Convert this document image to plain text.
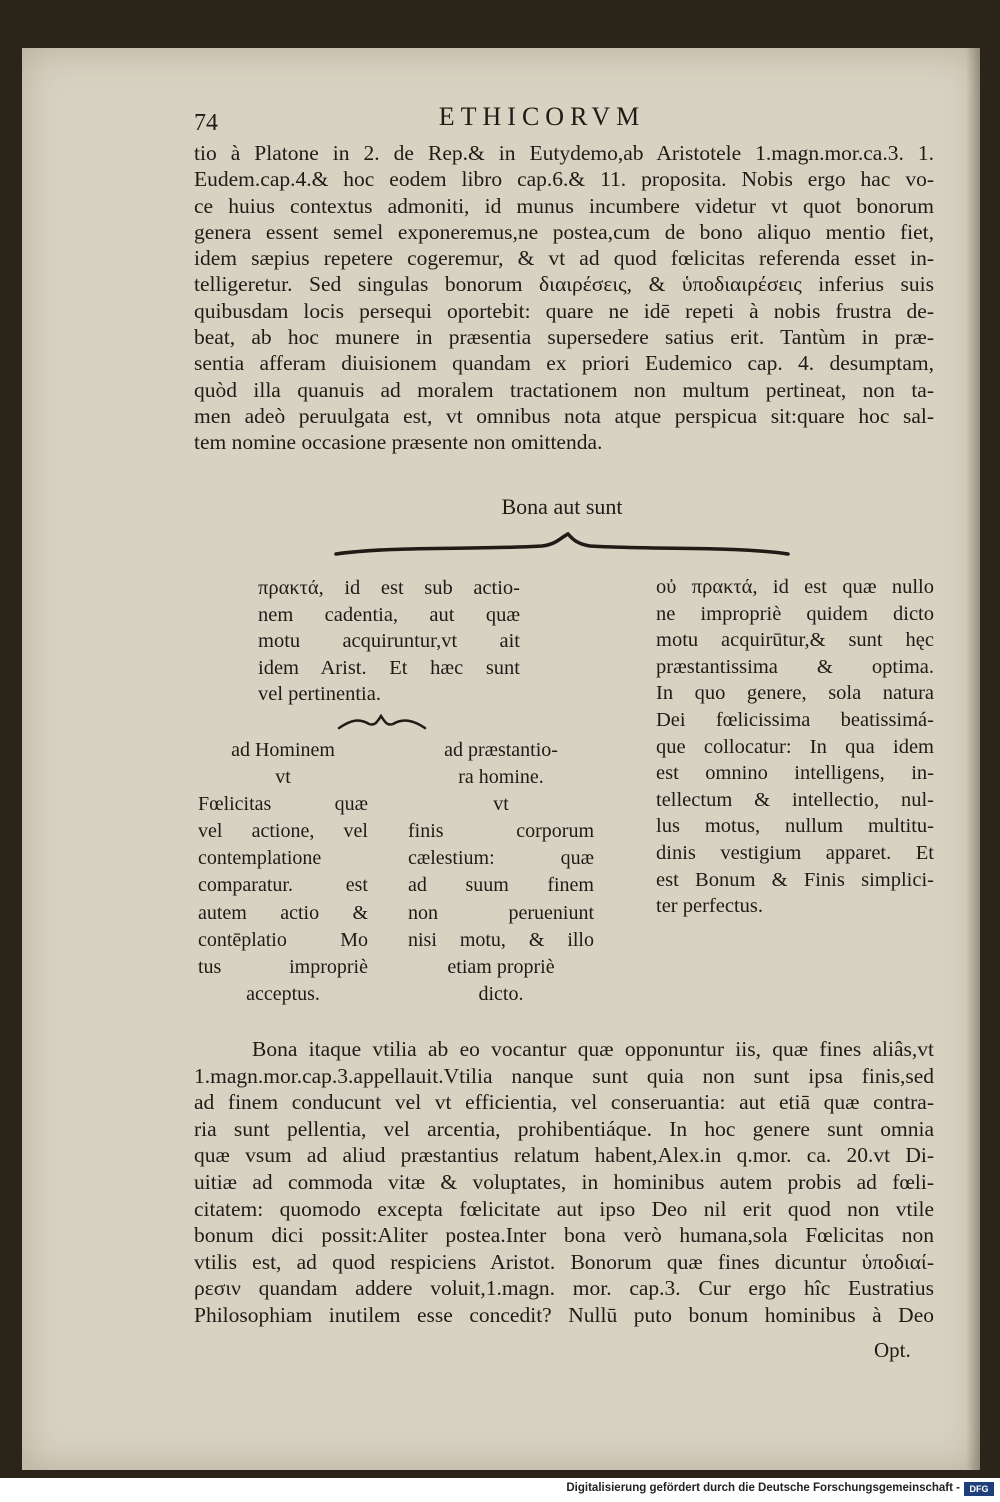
74	ETHICORVM
tio à Platone in 2. de Rep.& in Eutydemo,ab Aristotele 1.magn.mor.ca.3. 1.
Eudem.cap.4.& hoc eodem libro cap.6.& 11. proposita. Nobis ergo hac vo-
ce huius contextus admoniti, id munus incumbere videtur vt quot bonorum
genera essent semel exponeremus,ne postea,cum de bono aliquo mentio fiet,
idem sæpius repetere cogeremur, & vt ad quod fœlicitas referenda esset in-
telligeretur. Sed singulas bonorum διαιρέσεις, & ὑποδιαιρέσεις inferius suis
quibusdam locis persequi oportebit: quare ne idē repeti à nobis frustra de-
beat, ab hoc munere in præsentia supersedere satius erit. Tantùm in præ-
sentia afferam diuisionem quandam ex priori Eudemico cap. 4. desumptam,
quòd illa quanuis ad moralem tractationem non multum pertineat, non ta-
men adeò peruulgata est, vt omnibus nota atque perspicua sit:quare hoc sal-
tem nomine occasione præsente non omittenda.
Bona aut sunt
πρακτά, id est sub actio-
nem cadentia, aut quæ
motu acquiruntur,vt ait
idem Arist. Et hæc sunt
vel pertinentia.
ad Hominem
vt
Fœlicitas quæ
vel actione, vel
contemplatione
comparatur. est
autem actio &
contēplatio Mo
tus impropriè
acceptus.
ad præstantio-
ra homine.
vt
finis corporum
cælestium: quæ
ad suum finem
non perueniunt
nisi motu, & illo
etiam propriè
dicto.
οὐ πρακτά, id est quæ nullo
ne impropriè quidem dicto
motu acquirūtur,& sunt hęc
præstantissima & optima.
In quo genere, sola natura
Dei fœlicissima beatissimá-
que collocatur: In qua idem
est omnino intelligens, in-
tellectum & intellectio, nul-
lus motus, nullum multitu-
dinis vestigium apparet. Et
est Bonum & Finis simplici-
ter perfectus.
Bona itaque vtilia ab eo vocantur quæ opponuntur iis, quæ fines aliâs,vt
1.magn.mor.cap.3.appellauit.Vtilia nanque sunt quia non sunt ipsa finis,sed
ad finem conducunt vel vt efficientia, vel conseruantia: aut etiā quæ contra-
ria sunt pellentia, vel arcentia, prohibentiáque. In hoc genere sunt omnia
quæ vsum ad aliud præstantius relatum habent,Alex.in q.mor. ca. 20.vt Di-
uitiæ ad commoda vitæ & voluptates, in hominibus autem probis ad fœli-
citatem: quomodo excepta fœlicitate aut ipso Deo nil erit quod non vtile
bonum dici possit:Aliter postea.Inter bona verò humana,sola Fœlicitas non
vtilis est, ad quod respiciens Aristot. Bonorum quæ fines dicuntur ὑποδιαί-
ρεσιν quandam addere voluit,1.magn. mor. cap.3. Cur ergo hîc Eustratius
Philosophiam inutilem esse concedit? Nullū puto bonum hominibus à Deo
Opt.
Digitalisierung gefördert durch die Deutsche Forschungsgemeinschaft -	DFG
